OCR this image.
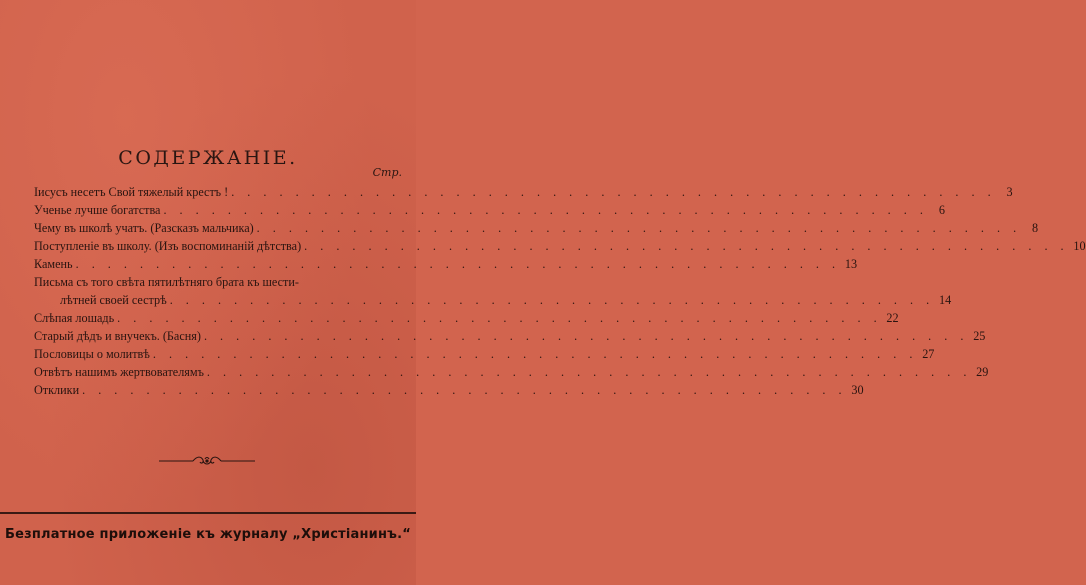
СОДЕРЖАНІЕ.
Стр.
Іисусъ несетъ Свой тяжелый крестъ ! . . .	3
Ученье лучше богатства . . .	6
Чему въ школѣ учатъ. (Разсказъ мальчика) . . .	8
Поступленіе въ школу. (Изъ воспоминаній дѣтства) . . .	10
Камень . . .	13
Письма съ того свѣта пятилѣтняго брата къ шести-
лѣтней своей сестрѣ . . .	14
Слѣпая лошадь . . .	22
Старый дѣдъ и внучекъ. (Басня) . . .	25
Пословицы о молитвѣ . . .	27
Отвѣтъ нашимъ жертвователямъ . . .	29
Отклики . . .	30
Безплатное приложеніе къ журналу „Христіанинъ.“
